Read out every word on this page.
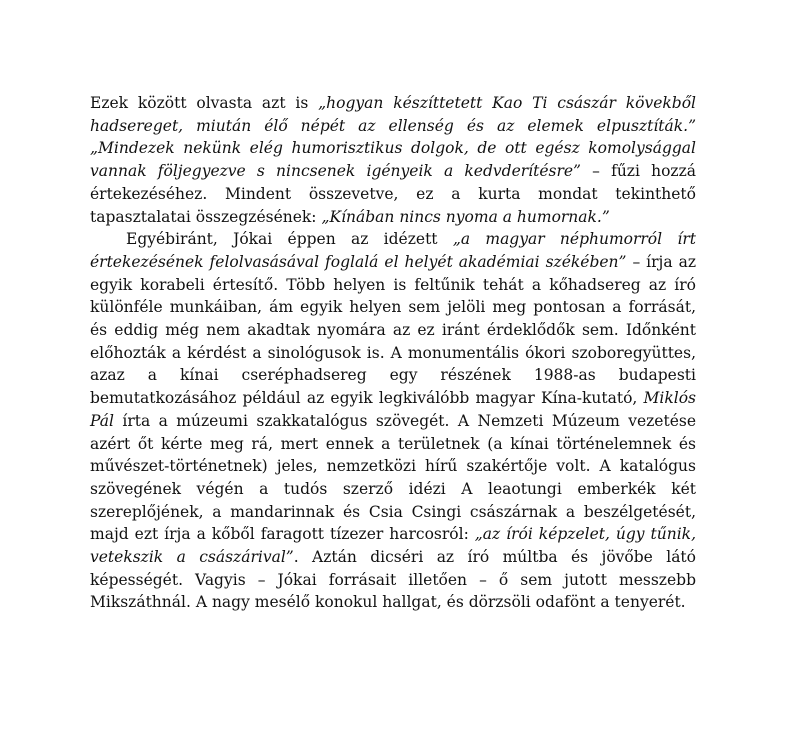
Ezek között olvasta azt is „hogyan készíttetett Kao Ti császár kövekből hadsereget, miután élő népét az ellenség és az elemek elpusztíták.” „Mindezek nekünk elég humorisztikus dolgok, de ott egész komolysággal vannak följegyezve s nincsenek igényeik a kedvderítésre” – fűzi hozzá értekezéséhez. Mindent összevetve, ez a kurta mondat tekinthető tapasztalatai összegzésének: „Kínában nincs nyoma a humornak.”

Egyébiránt, Jókai éppen az idézett „a magyar néphumorról írt értekezésének felolvasásával foglalá el helyét akadémiai székében” – írja az egyik korabeli értesítő. Több helyen is feltűnik tehát a kőhadsereg az író különféle munkáiban, ám egyik helyen sem jelöli meg pontosan a forrását, és eddig még nem akadtak nyomára az ez iránt érdeklődők sem. Időnként előhozták a kérdést a sinológusok is. A monumentális ókori szoboregyüttes, azaz a kínai cseréphadsereg egy részének 1988-as budapesti bemutatkozásához például az egyik legkiválóbb magyar Kína-kutató, Miklós Pál írta a múzeumi szakkatalógus szövegét. A Nemzeti Múzeum vezetése azért őt kérte meg rá, mert ennek a területnek (a kínai történelemnek és művészet-történetnek) jeles, nemzetközi hírű szakértője volt. A katalógus szövegének végén a tudós szerző idézi A leaotungi emberkék két szereplőjének, a mandarinnak és Csia Csingi császárnak a beszélgetését, majd ezt írja a kőből faragott tízezer harcosról: „az írói képzelet, úgy tűnik, vetekszik a császárival”. Aztán dicséri az író múltba és jövőbe látó képességét. Vagyis – Jókai forrásait illetően – ő sem jutott messzebb Mikszáthnál. A nagy mesélő konokul hallgat, és dörzsöli odafönt a tenyerét.
